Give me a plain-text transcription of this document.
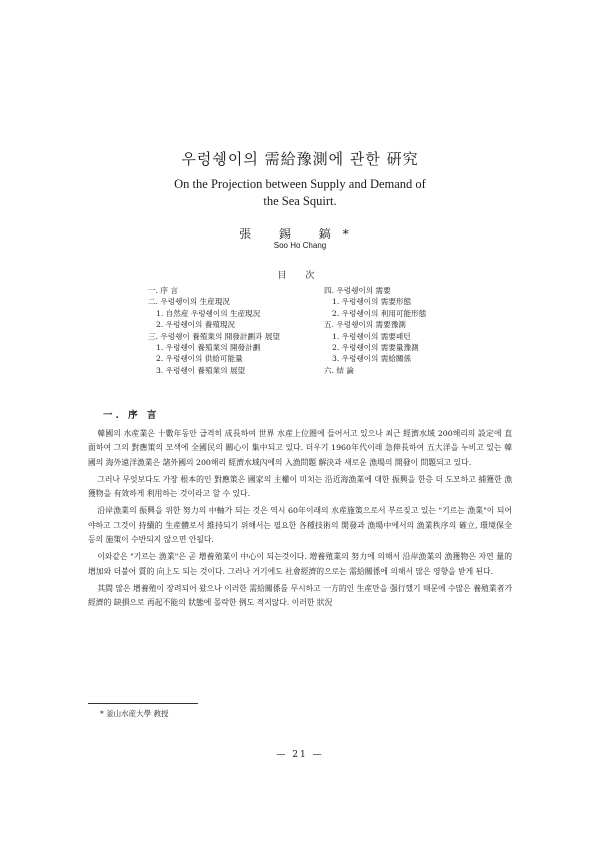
우렁쉥이의 需給豫測에 관한 硏究
On the Projection between Supply and Demand of
the Sea Squirt.
張 錫 鎬*
Soo Ho Chang
目 次
一. 序 言
二. 우렁쉥이의 生産現況
1. 自然産 우렁쉥이의 生産現況
2. 우렁쉥이의 養殖現況
三. 우렁쉥이 養殖業의 開發計劃과 展望
1. 우렁쉥이 養殖業의 開發計劃
2. 우렁쉥이의 供給可能量
3. 우렁쉥이 養殖業의 展望
四. 우렁쉥이의 需要
1. 우렁쉥이의 需要形態
2. 우렁쉥이의 利用可能形態
五. 우렁쉥이의 需要豫測
1. 우렁쉥이의 需要패턴
2. 우렁쉥이의 需要量豫測
3. 우렁쉥이의 需給關係
六. 結 論
一. 序 言

韓國의 水産業은 十數年동안 급격히 成長하여 世界 水産上位圈에 들어서고 있으나 최근 經濟水域 200해리의 設定에 直面하여 그의 對應策의 모색에 全國民의 關心이 集中되고 있다. 더우기 1960年代이래 急伸長하여 五大洋을 누비고 있는 韓國의 海外遠洋漁業은 諸外國의 200해리 經濟水域內에의 入漁問題 解決과 새로운 漁場의 開發이 問題되고 있다.

그러나 무엇보다도 가장 根本的인 對應策은 國家의 主權이 미치는 沿近海漁業에 대한 振興을 한층 더 도모하고 捕獲한 漁獲物을 有效하게 利用하는 것이라고 할 수 있다.

沿岸漁業의 振興을 위한 努力의 中軸가 되는 것은 역시 60年이래의 水産施策으로서 부르짖고 있는 "기르는 漁業"이 되어야하고 그것이 持續的 生産體로서 維持되기 위해서는 필요한 各種技術의 開發과 漁場中에서의 漁業秩序의 確立, 環境保全 등의 施策이 수반되지 않으면 안될다.

이와같은 "기르는 漁業"은 곧 增養殖業이 中心이 되는것이다. 增養殖業의 努力에 의해서 沿岸漁業의 漁獲物은 자연 量的 增加와 더불어 質的 向上도 되는 것이다. 그러나 거기에도 社會經濟的으로는 需給關係에 의해서 많은 영향을 받게 된다.

其間 많은 增養殖이 장려되어 왔으나 이러한 需給關係를 무시하고 一方的인 生産만을 强行했기 때문에 수많은 養殖業者가 經濟的 缺損으로 再起不能의 狀態에 몰락한 例도 적지않다. 이러한 狀況

* 釜山水産大學 敎授
— 21 —
